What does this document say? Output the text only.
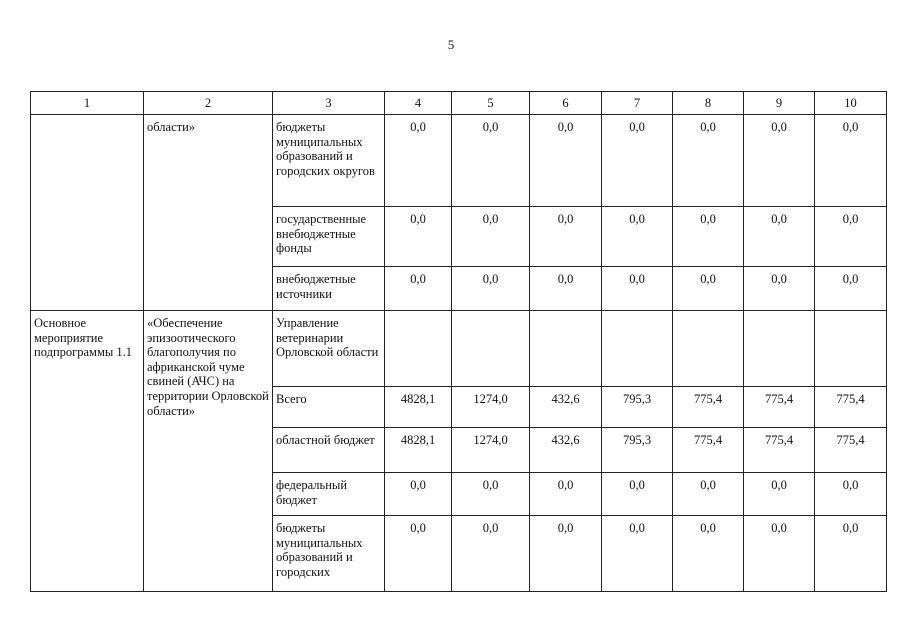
5
1	2	3	4	5	6	7	8	9	10
	области»	бюджеты муниципальных образований и городских округов	0,0	0,0	0,0	0,0	0,0	0,0	0,0
		государственные внебюджетные фонды	0,0	0,0	0,0	0,0	0,0	0,0	0,0
		внебюджетные источники	0,0	0,0	0,0	0,0	0,0	0,0	0,0
Основное мероприятие подпрограммы 1.1	«Обеспечение эпизоотического благополучия по африканской чуме свиней (АЧС) на территории Орловской области»	Управление ветеринарии Орловской области							
		Всего	4828,1	1274,0	432,6	795,3	775,4	775,4	775,4
		областной бюджет	4828,1	1274,0	432,6	795,3	775,4	775,4	775,4
		федеральный бюджет	0,0	0,0	0,0	0,0	0,0	0,0	0,0
		бюджеты муниципальных образований и городских	0,0	0,0	0,0	0,0	0,0	0,0	0,0
